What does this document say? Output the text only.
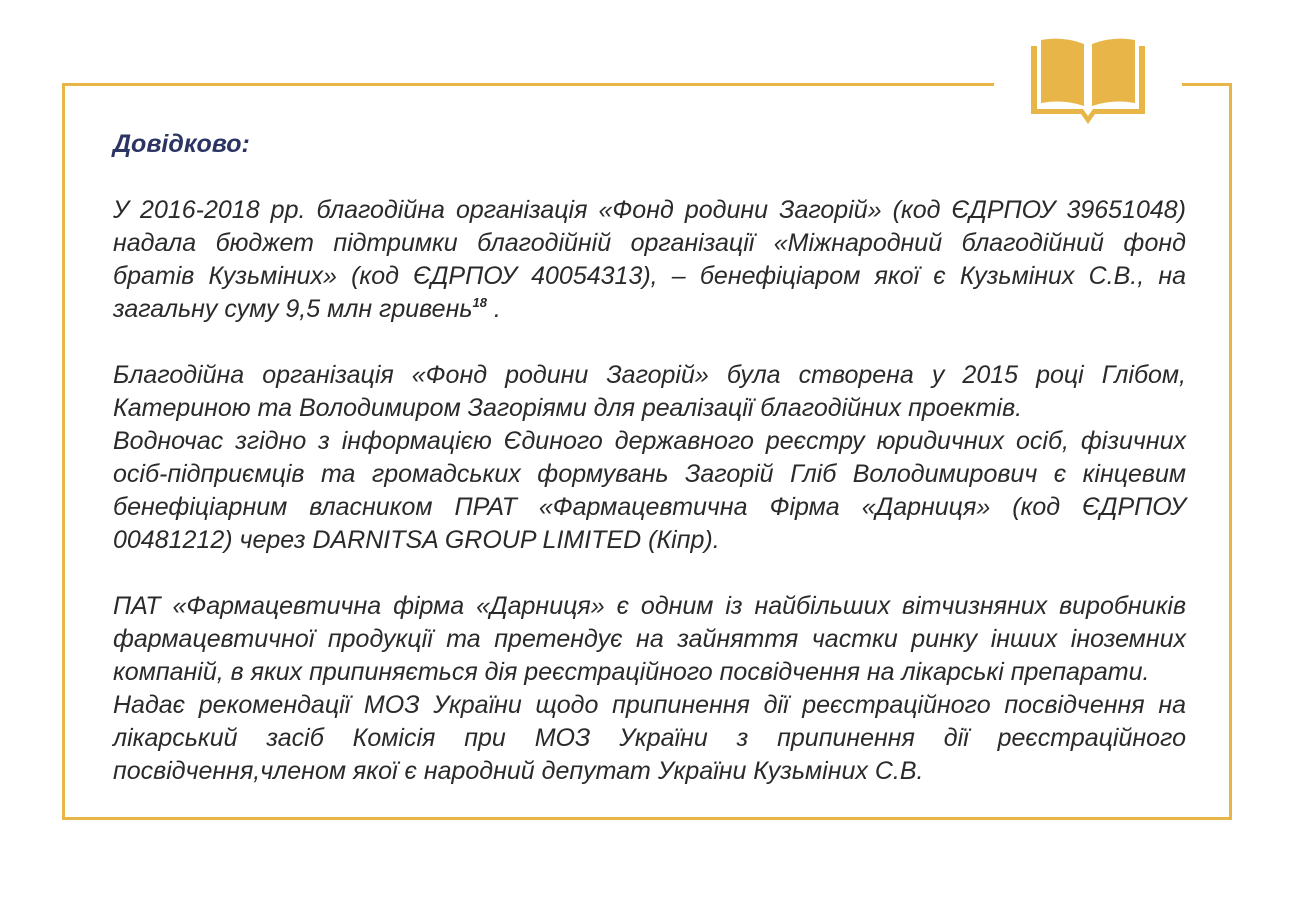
Довідково:

У 2016-2018 рр. благодійна організація «Фонд родини Загорій» (код ЄДРПОУ 39651048) надала бюджет підтримки благодійній організації «Міжнародний благодійний фонд братів Кузьміних» (код ЄДРПОУ 40054313), – бенефіціаром якої є Кузьміних С.В., на загальну суму 9,5 млн гривень$^{18}$ .

Благодійна організація «Фонд родини Загорій» була створена у 2015 році Глібом, Катериною та Володимиром Загоріями для реалізації благодійних проектів.

Водночас згідно з інформацією Єдиного державного реєстру юридичних осіб, фізичних осіб-підприємців та громадських формувань Загорій Гліб Володимирович є кінцевим бенефіціарним власником ПРАТ «Фармацевтична Фірма «Дарниця» (код ЄДРПОУ 00481212) через DARNITSA GROUP LIMITED (Кіпр).

ПАТ «Фармацевтична фірма «Дарниця» є одним із найбільших вітчизняних виробників фармацевтичної продукції та претендує на зайняття частки ринку інших іноземних компаній, в яких припиняється дія реєстраційного посвідчення на лікарські препарати.

Надає рекомендації МОЗ України щодо припинення дії реєстраційного посвідчення на лікарський засіб Комісія при МОЗ України з припинення дії реєстраційного посвідчення,членом якої є народний депутат України Кузьміних С.В.
